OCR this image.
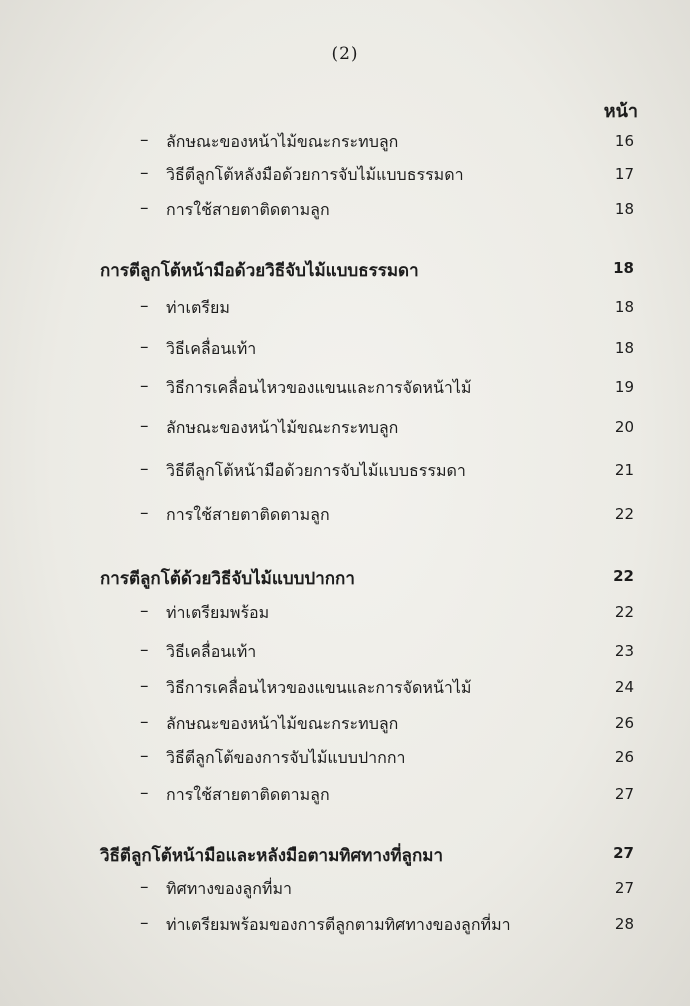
(2)
หน้า
– ลักษณะของหน้าไม้ขณะกระทบลูก	16
– วิธีตีลูกโต้หลังมือด้วยการจับไม้แบบธรรมดา	17
– การใช้สายตาติดตามลูก	18
การตีลูกโต้หน้ามือด้วยวิธีจับไม้แบบธรรมดา	18
– ท่าเตรียม	18
– วิธีเคลื่อนเท้า	18
– วิธีการเคลื่อนไหวของแขนและการจัดหน้าไม้	19
– ลักษณะของหน้าไม้ขณะกระทบลูก	20
– วิธีตีลูกโต้หน้ามือด้วยการจับไม้แบบธรรมดา	21
– การใช้สายตาติดตามลูก	22
การตีลูกโต้ด้วยวิธีจับไม้แบบปากกา	22
– ท่าเตรียมพร้อม	22
– วิธีเคลื่อนเท้า	23
– วิธีการเคลื่อนไหวของแขนและการจัดหน้าไม้	24
– ลักษณะของหน้าไม้ขณะกระทบลูก	26
– วิธีตีลูกโต้ของการจับไม้แบบปากกา	26
– การใช้สายตาติดตามลูก	27
วิธีตีลูกโต้หน้ามือและหลังมือตามทิศทางที่ลูกมา	27
– ทิศทางของลูกที่มา	27
– ท่าเตรียมพร้อมของการตีลูกตามทิศทางของลูกที่มา	28
